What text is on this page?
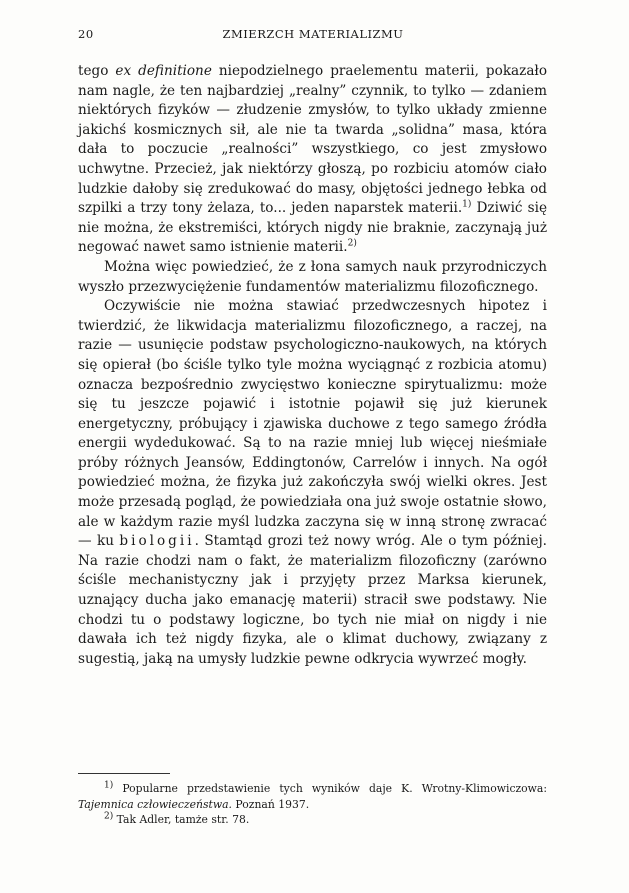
20	ZMIERZCH MATERIALIZMU

tego ex definitione niepodzielnego praelementu materii, pokazało nam nagle, że ten najbardziej „realny” czynnik, to tylko — zdaniem niektórych fizyków — złudzenie zmysłów, to tylko układy zmienne jakichś kosmicznych sił, ale nie ta twarda „solidna” masa, która dała to poczucie „realności” wszystkiego, co jest zmysłowo uchwytne. Przecież, jak niektórzy głoszą, po rozbiciu atomów ciało ludzkie dałoby się zredukować do masy, objętości jednego łebka od szpilki a trzy tony żelaza, to... jeden naparstek materii.$^{1)}$ Dziwić się nie można, że ekstremiści, których nigdy nie braknie, zaczynają już negować nawet samo istnienie materii.$^{2)}$

Można więc powiedzieć, że z łona samych nauk przyrodniczych wyszło przezwyciężenie fundamentów materializmu filozoficznego.

Oczywiście nie można stawiać przedwczesnych hipotez i twierdzić, że likwidacja materializmu filozoficznego, a raczej, na razie — usunięcie podstaw psychologiczno-naukowych, na których się opierał (bo ściśle tylko tyle można wyciągnąć z rozbicia atomu) oznacza bezpośrednio zwycięstwo konieczne spirytualizmu: może się tu jeszcze pojawić i istotnie pojawił się już kierunek energetyczny, próbujący i zjawiska duchowe z tego samego źródła energii wydedukować. Są to na razie mniej lub więcej nieśmiałe próby różnych Jeansów, Eddingtonów, Carrelów i innych. Na ogół powiedzieć można, że fizyka już zakończyła swój wielki okres. Jest może przesadą pogląd, że powiedziała ona już swoje ostatnie słowo, ale w każdym razie myśl ludzka zaczyna się w inną stronę zwracać — ku biologii. Stamtąd grozi też nowy wróg. Ale o tym później. Na razie chodzi nam o fakt, że materializm filozoficzny (zarówno ściśle mechanistyczny jak i przyjęty przez Marksa kierunek, uznający ducha jako emanację materii) stracił swe podstawy. Nie chodzi tu o podstawy logiczne, bo tych nie miał on nigdy i nie dawała ich też nigdy fizyka, ale o klimat duchowy, związany z sugestią, jaką na umysły ludzkie pewne odkrycia wywrzeć mogły.

$^{1)}$ Popularne przedstawienie tych wyników daje K. Wrotny-Klimowiczowa: Tajemnica człowieczeństwa. Poznań 1937.

$^{2)}$ Tak Adler, tamże str. 78.
